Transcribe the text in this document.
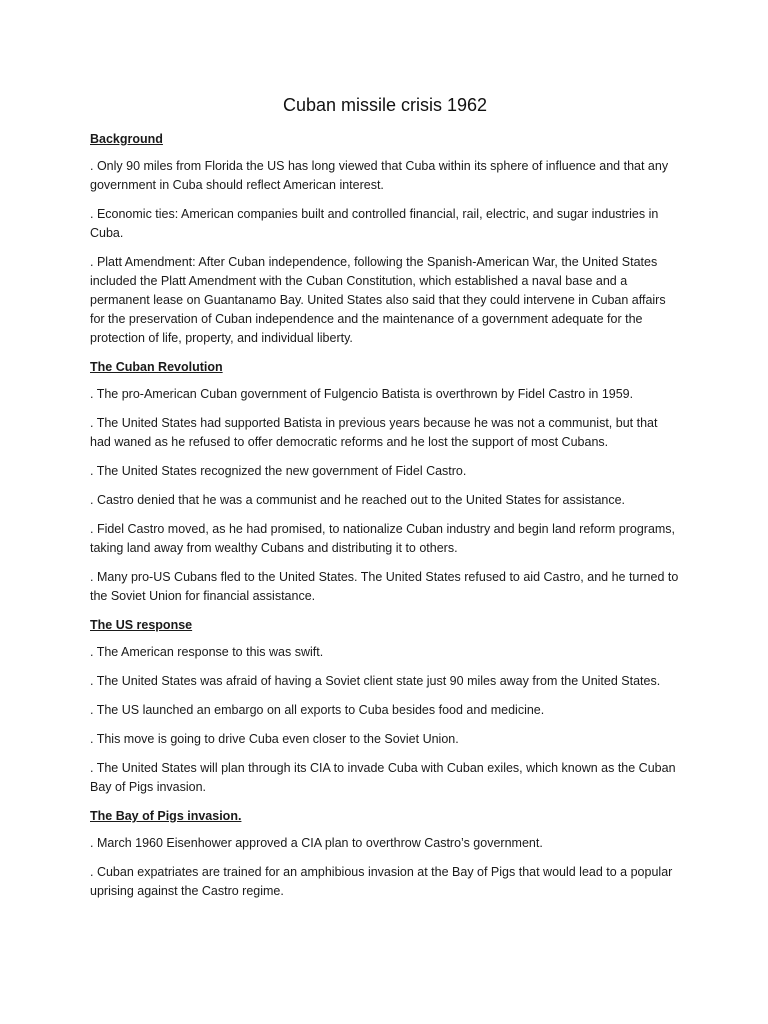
Cuban missile crisis 1962
Background

. Only 90 miles from Florida the US has long viewed that Cuba within its sphere of influence and that any government in Cuba should reflect American interest.

. Economic ties: American companies built and controlled financial, rail, electric, and sugar industries in Cuba.

. Platt Amendment: After Cuban independence, following the Spanish-American War, the United States included the Platt Amendment with the Cuban Constitution, which established a naval base and a permanent lease on Guantanamo Bay. United States also said that they could intervene in Cuban affairs for the preservation of Cuban independence and the maintenance of a government adequate for the protection of life, property, and individual liberty.

The Cuban Revolution

. The pro-American Cuban government of Fulgencio Batista is overthrown by Fidel Castro in 1959.

. The United States had supported Batista in previous years because he was not a communist, but that had waned as he refused to offer democratic reforms and he lost the support of most Cubans.

. The United States recognized the new government of Fidel Castro.

. Castro denied that he was a communist and he reached out to the United States for assistance.

. Fidel Castro moved, as he had promised, to nationalize Cuban industry and begin land reform programs, taking land away from wealthy Cubans and distributing it to others.

. Many pro-US Cubans fled to the United States. The United States refused to aid Castro, and he turned to the Soviet Union for financial assistance.

The US response

. The American response to this was swift.

. The United States was afraid of having a Soviet client state just 90 miles away from the United States.

. The US launched an embargo on all exports to Cuba besides food and medicine.

. This move is going to drive Cuba even closer to the Soviet Union.

. The United States will plan through its CIA to invade Cuba with Cuban exiles, which known as the Cuban Bay of Pigs invasion.

The Bay of Pigs invasion.

. March 1960 Eisenhower approved a CIA plan to overthrow Castro’s government.

. Cuban expatriates are trained for an amphibious invasion at the Bay of Pigs that would lead to a popular uprising against the Castro regime.
